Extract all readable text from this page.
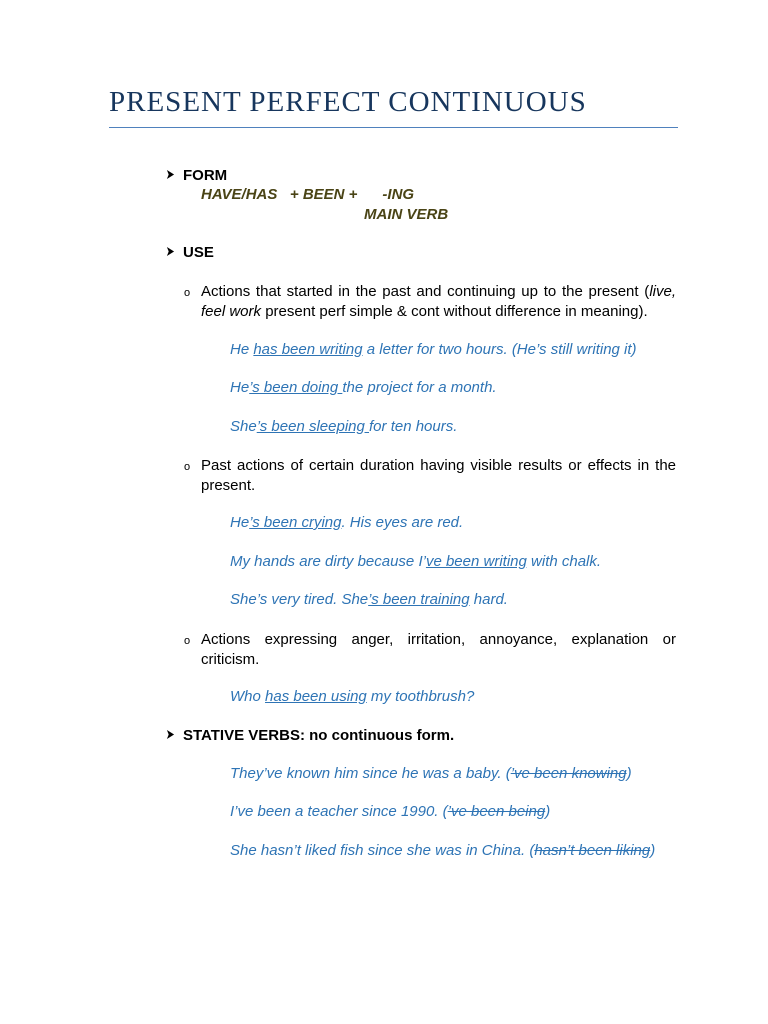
PRESENT PERFECT CONTINUOUS
FORM
HAVE/HAS   + BEEN +      -ING
MAIN VERB
USE
o Actions that started in the past and continuing up to the present (live, feel work present perf simple & cont without difference in meaning).
He has been writing a letter for two hours. (He’s still writing it)
He’s been doing the project for a month.
She’s been sleeping for ten hours.
o Past actions of certain duration having visible results or effects in the present.
He’s been crying. His eyes are red.
My hands are dirty because I’ve been writing with chalk.
She’s very tired. She’s been training hard.
o Actions expressing anger, irritation, annoyance, explanation or criticism.
Who has been using my toothbrush?
STATIVE VERBS: no continuous form.
They’ve known him since he was a baby. (’ve been knowing)
I’ve been a teacher since 1990. (’ve been being)
She hasn’t liked fish since she was in China. (hasn’t been liking)
